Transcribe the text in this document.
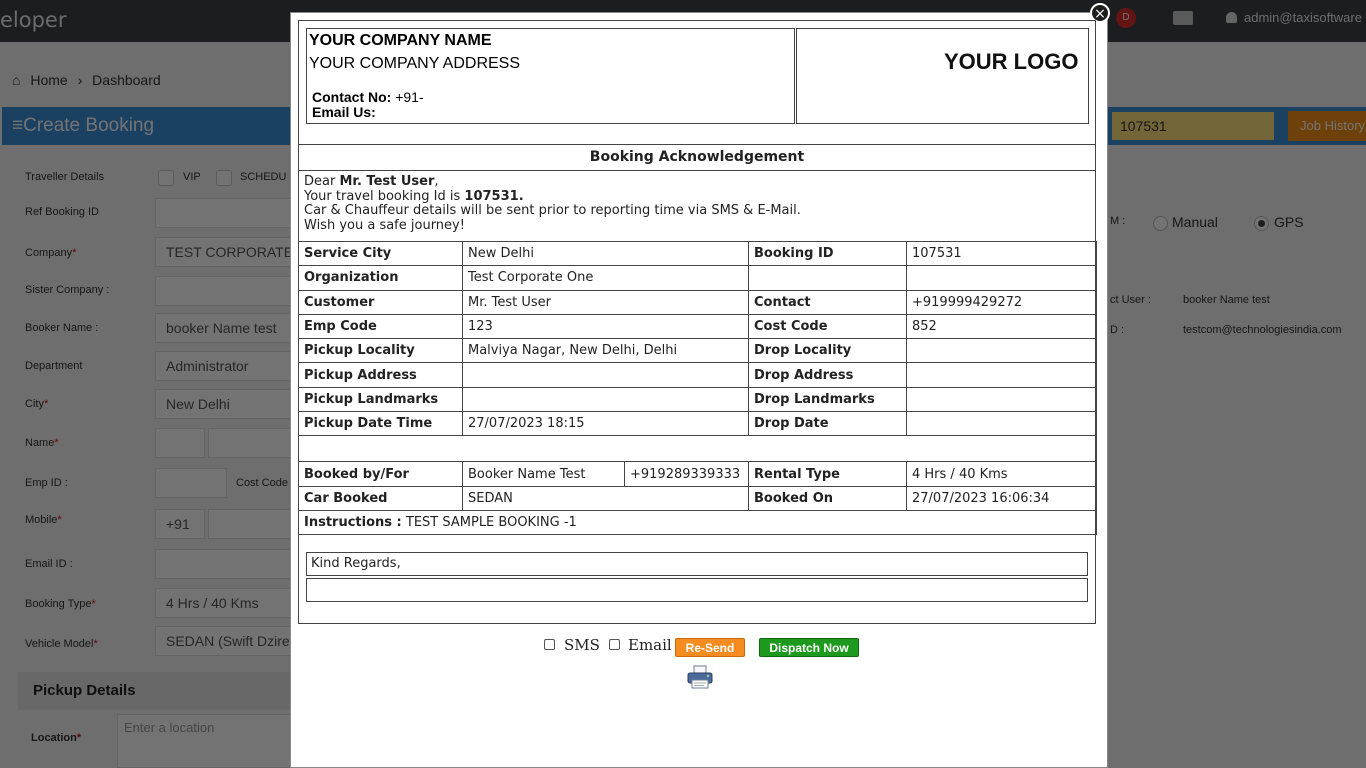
×
YOUR COMPANY NAME
YOUR COMPANY ADDRESS
Contact No: +91-
Email Us:
YOUR LOGO
Booking Acknowledgement
Dear Mr. Test User,
Your travel booking Id is 107531.
Car & Chauffeur details will be sent prior to reporting time via SMS & E-Mail.
Wish you a safe journey!
Service City	New Delhi		Booking ID	107531
Organization	Test Corporate One			
Customer	Mr. Test User		Contact	+919999429272
Emp Code	123		Cost Code	852
Pickup Locality	Malviya Nagar, New Delhi, Delhi		Drop Locality	
Pickup Address			Drop Address	
Pickup Landmarks			Drop Landmarks	
Pickup Date Time	27/07/2023 18:15		Drop Date	

Booked by/For	Booker Name Test	+919289339333	Rental Type	4 Hrs / 40 Kms
Car Booked	SEDAN		Booked On	27/07/2023 16:06:34
Instructions : TEST SAMPLE BOOKING -1				
Kind Regards,
SMS Email	Re-Send	Dispatch Now
